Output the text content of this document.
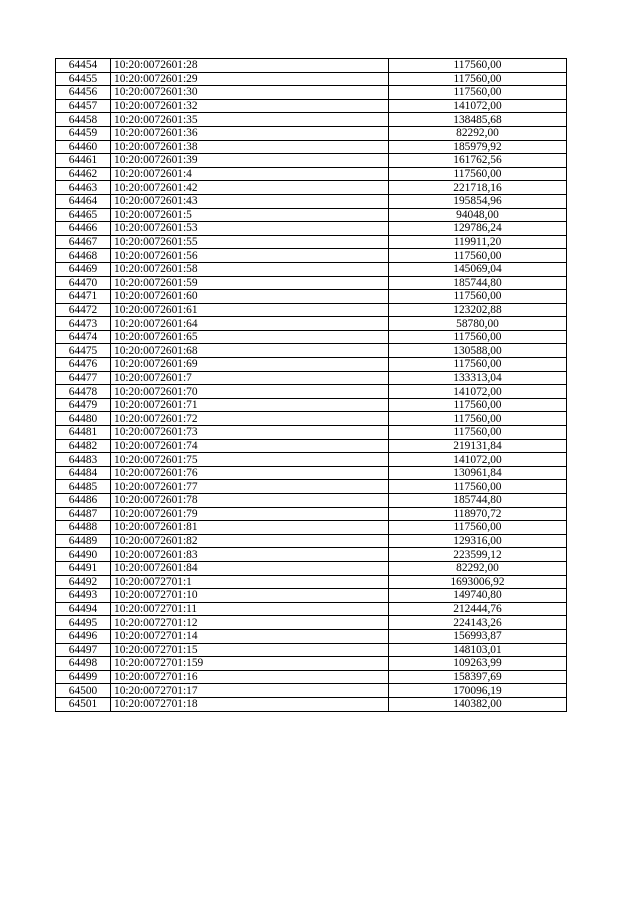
64454	10:20:0072601:28	117560,00
64455	10:20:0072601:29	117560,00
64456	10:20:0072601:30	117560,00
64457	10:20:0072601:32	141072,00
64458	10:20:0072601:35	138485,68
64459	10:20:0072601:36	82292,00
64460	10:20:0072601:38	185979,92
64461	10:20:0072601:39	161762,56
64462	10:20:0072601:4	117560,00
64463	10:20:0072601:42	221718,16
64464	10:20:0072601:43	195854,96
64465	10:20:0072601:5	94048,00
64466	10:20:0072601:53	129786,24
64467	10:20:0072601:55	119911,20
64468	10:20:0072601:56	117560,00
64469	10:20:0072601:58	145069,04
64470	10:20:0072601:59	185744,80
64471	10:20:0072601:60	117560,00
64472	10:20:0072601:61	123202,88
64473	10:20:0072601:64	58780,00
64474	10:20:0072601:65	117560,00
64475	10:20:0072601:68	130588,00
64476	10:20:0072601:69	117560,00
64477	10:20:0072601:7	133313,04
64478	10:20:0072601:70	141072,00
64479	10:20:0072601:71	117560,00
64480	10:20:0072601:72	117560,00
64481	10:20:0072601:73	117560,00
64482	10:20:0072601:74	219131,84
64483	10:20:0072601:75	141072,00
64484	10:20:0072601:76	130961,84
64485	10:20:0072601:77	117560,00
64486	10:20:0072601:78	185744,80
64487	10:20:0072601:79	118970,72
64488	10:20:0072601:81	117560,00
64489	10:20:0072601:82	129316,00
64490	10:20:0072601:83	223599,12
64491	10:20:0072601:84	82292,00
64492	10:20:0072701:1	1693006,92
64493	10:20:0072701:10	149740,80
64494	10:20:0072701:11	212444,76
64495	10:20:0072701:12	224143,26
64496	10:20:0072701:14	156993,87
64497	10:20:0072701:15	148103,01
64498	10:20:0072701:159	109263,99
64499	10:20:0072701:16	158397,69
64500	10:20:0072701:17	170096,19
64501	10:20:0072701:18	140382,00
